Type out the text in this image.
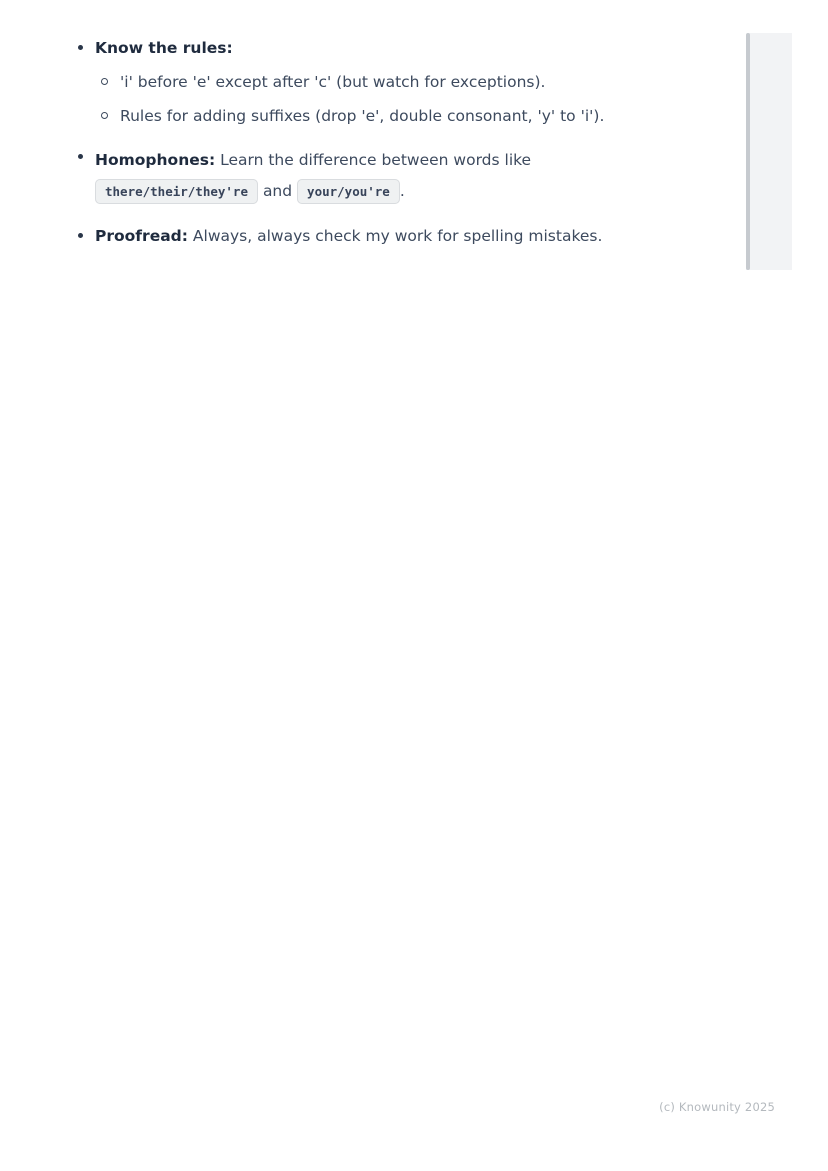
Know the rules:
'i' before 'e' except after 'c' (but watch for exceptions).
Rules for adding suffixes (drop 'e', double consonant, 'y' to 'i').
Homophones: Learn the difference between words like there/their/they're and your/you're .
Proofread: Always, always check my work for spelling mistakes.
(c) Knowunity 2025
